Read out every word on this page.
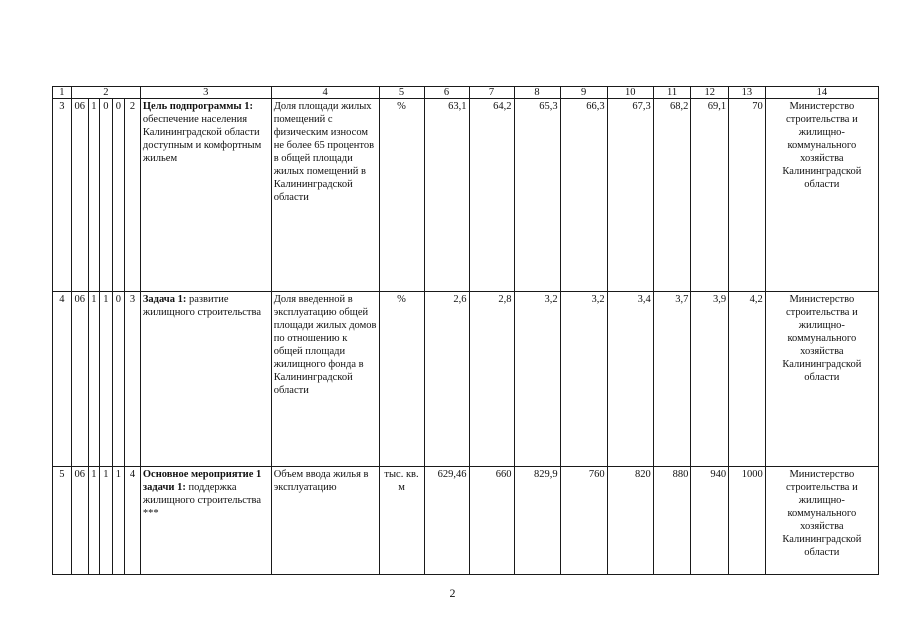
1	2					3	4	5	6	7	8	9	10	11	12	13	14
3	06	1	0	0	2	Цель подпрограммы 1: обеспечение населения Калининградской области доступным и комфортным жильем	Доля площади жилых помещений с физическим износом не более 65 процентов в общей площади жилых помещений в Калининградской области	%	63,1	64,2	65,3	66,3	67,3	68,2	69,1	70	Министерство строительства и жилищно-коммунального хозяйства Калининградской области
4	06	1	1	0	3	Задача 1: развитие жилищного строительства	Доля введенной в эксплуатацию общей площади жилых домов по отношению к общей площади жилищного фонда в Калининградской области	%	2,6	2,8	3,2	3,2	3,4	3,7	3,9	4,2	Министерство строительства и жилищно-коммунального хозяйства Калининградской области
5	06	1	1	1	4	Основное мероприятие 1 задачи 1: поддержка жилищного строительства ***	Объем ввода жилья в эксплуатацию	тыс. кв. м	629,46	660	829,9	760	820	880	940	1000	Министерство строительства и жилищно-коммунального хозяйства Калининградской области
2
